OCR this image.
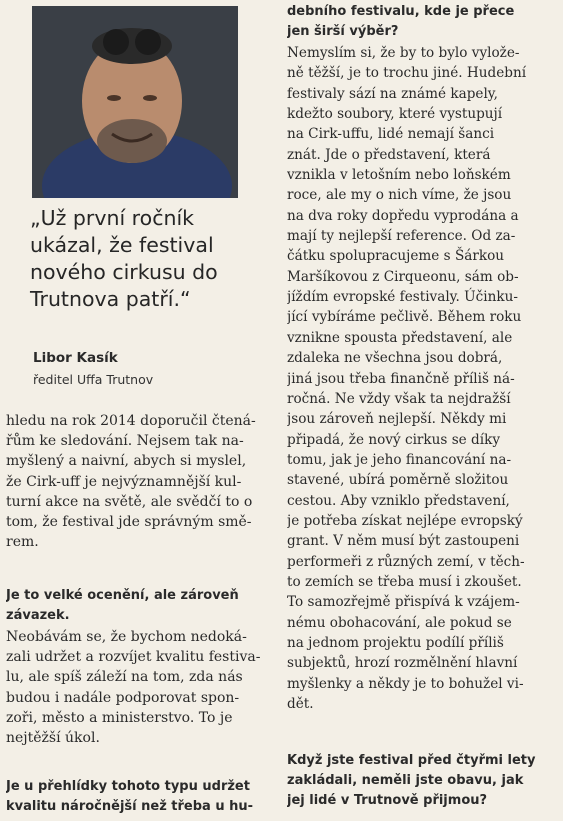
„Už první ročník
ukázal, že festival
nového cirkusu do
Trutnova patří.“
Libor Kasík
ředitel Uffa Trutnov
hledu na rok 2014 doporučil čtená-
řům ke sledování. Nejsem tak na-
myšlený a naivní, abych si myslel,
že Cirk-uff je nejvýznamnější kul-
turní akce na světě, ale svědčí to o
tom, že festival jde správným smě-
rem.
Je to velké ocenění, ale zároveň
závazek.
Neobávám se, že bychom nedoká-
zali udržet a rozvíjet kvalitu festiva-
lu, ale spíš záleží na tom, zda nás
budou i nadále podporovat spon-
zoři, město a ministerstvo. To je
nejtěžší úkol.
Je u přehlídky tohoto typu udržet
kvalitu náročnější než třeba u hu-
debního festivalu, kde je přece
jen širší výběr?
Nemyslím si, že by to bylo vylože-
ně těžší, je to trochu jiné. Hudební
festivaly sází na známé kapely,
kdežto soubory, které vystupují
na Cirk-uffu, lidé nemají šanci
znát. Jde o představení, která
vznikla v letošním nebo loňském
roce, ale my o nich víme, že jsou
na dva roky dopředu vyprodána a
mají ty nejlepší reference. Od za-
čátku spolupracujeme s Šárkou
Maršíkovou z Cirqueonu, sám ob-
jíždím evropské festivaly. Účinku-
jící vybíráme pečlivě. Během roku
vznikne spousta představení, ale
zdaleka ne všechna jsou dobrá,
jiná jsou třeba finančně příliš ná-
ročná. Ne vždy však ta nejdražší
jsou zároveň nejlepší. Někdy mi
připadá, že nový cirkus se díky
tomu, jak je jeho financování na-
stavené, ubírá poměrně složitou
cestou. Aby vzniklo představení,
je potřeba získat nejlépe evropský
grant. V něm musí být zastoupeni
performeři z různých zemí, v těch-
to zemích se třeba musí i zkoušet.
To samozřejmě přispívá k vzájem-
nému obohacování, ale pokud se
na jednom projektu podílí příliš
subjektů, hrozí rozmělnění hlavní
myšlenky a někdy je to bohužel vi-
dět.
Když jste festival před čtyřmi lety
zakládali, neměli jste obavu, jak
jej lidé v Trutnově přijmou?
